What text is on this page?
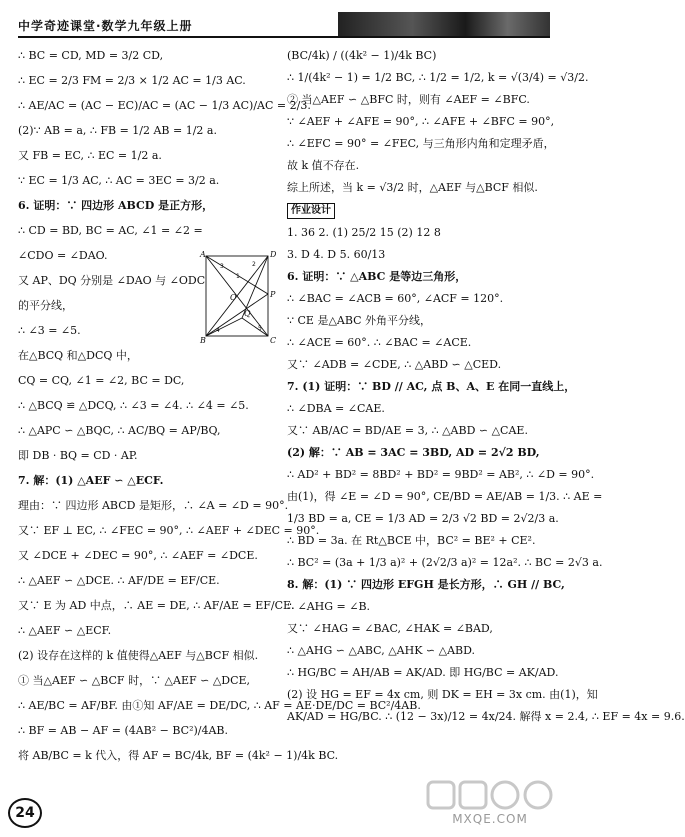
中学奇迹课堂·数学九年级上册
∴ BC = CD, MD = 3/2 CD,
∴ EC = 2/3 FM = 2/3 × 1/2 AC = 1/3 AC.
∴ AE/AC = (AC − EC)/AC = (AC − 1/3 AC)/AC = 2/3.
(2)∵ AB = a, ∴ FB = 1/2 AB = 1/2 a.
又 FB = EC, ∴ EC = 1/2 a.
∵ EC = 1/3 AC, ∴ AC = 3EC = 3/2 a.
6. 证明：∵ 四边形 ABCD 是正方形，
∴ CD = BD, BC = AC, ∠1 = ∠2 =
∠CDO = ∠DAO.
又 AP、DQ 分别是 ∠DAO 与 ∠ODC
的平分线，
∴ ∠3 = ∠5.
在△BCQ 和△DCQ 中，
CQ = CQ, ∠1 = ∠2, BC = DC,
∴ △BCQ ≌ △DCQ, ∴ ∠3 = ∠4. ∴ ∠4 = ∠5.
∴ △APC ∽ △BQC, ∴ AC/BQ = AP/BQ,
即 DB · BQ = CD · AP.
7. 解：(1) △AEF ∽ △ECF.
理由：∵ 四边形 ABCD 是矩形，∴ ∠A = ∠D = 90°.
又∵ EF ⊥ EC, ∴ ∠FEC = 90°, ∴ ∠AEF + ∠DEC = 90°.
又 ∠DCE + ∠DEC = 90°, ∴ ∠AEF = ∠DCE.
∴ △AEF ∽ △DCE. ∴ AF/DE = EF/CE.
又∵ E 为 AD 中点，∴ AE = DE, ∴ AF/AE = EF/CE.
∴ △AEF ∽ △ECF.
(2) 设存在这样的 k 值使得△AEF 与△BCF 相似.
① 当△AEF ∽ △BCF 时，∵ △AEF ∽ △DCE,
∴ AE/BC = AF/BF. 由①知 AF/AE = DE/DC, ∴ AF = AE·DE/DC = BC²/4AB.
∴ BF = AB − AF = (4AB² − BC²)/4AB.
将 AB/BC = k 代入，得 AF = BC/4k, BF = (4k² − 1)/4k BC.
A	D
B	C
P
O
Q
1
2
3
4	5
(BC/4k) / ((4k² − 1)/4k BC)
∴ 1/(4k² − 1) = 1/2 BC, ∴ 1/2 = 1/2, k = √(3/4) = √3/2.
② 当△AEF ∽ △BFC 时，则有 ∠AEF = ∠BFC.
∵ ∠AEF + ∠AFE = 90°, ∴ ∠AFE + ∠BFC = 90°,
∴ ∠EFC = 90° = ∠FEC, 与三角形内角和定理矛盾，
故 k 值不存在.
综上所述，当 k = √3/2 时，△AEF 与△BCF 相似.
作业设计
1. 36 2. (1) 25/2 15 (2) 12 8
3. D 4. D 5. 60/13
6. 证明：∵ △ABC 是等边三角形，
∴ ∠BAC = ∠ACB = 60°, ∠ACF = 120°.
∵ CE 是△ABC 外角平分线，
∴ ∠ACE = 60°. ∴ ∠BAC = ∠ACE.
又∵ ∠ADB = ∠CDE, ∴ △ABD ∽ △CED.
7. (1) 证明：∵ BD // AC, 点 B、A、E 在同一直线上，
∴ ∠DBA = ∠CAE.
又∵ AB/AC = BD/AE = 3, ∴ △ABD ∽ △CAE.
(2) 解：∵ AB = 3AC = 3BD, AD = 2√2 BD,
∴ AD² + BD² = 8BD² + BD² = 9BD² = AB², ∴ ∠D = 90°.
由(1)，得 ∠E = ∠D = 90°, CE/BD = AE/AB = 1/3. ∴ AE =
1/3 BD = a, CE = 1/3 AD = 2/3 √2 BD = 2√2/3 a.
∴ BD = 3a. 在 Rt△BCE 中，BC² = BE² + CE².
∴ BC² = (3a + 1/3 a)² + (2√2/3 a)² = 12a². ∴ BC = 2√3 a.
8. 解：(1) ∵ 四边形 EFGH 是长方形，∴ GH // BC,
∴ ∠AHG = ∠B.
又∵ ∠HAG = ∠BAC, ∠HAK = ∠BAD,
∴ △AHG ∽ △ABC, △AHK ∽ △ABD.
∴ HG/BC = AH/AB = AK/AD. 即 HG/BC = AK/AD.
(2) 设 HG = EF = 4x cm, 则 DK = EH = 3x cm. 由(1)，知
AK/AD = HG/BC. ∴ (12 − 3x)/12 = 4x/24. 解得 x = 2.4, ∴ EF = 4x = 9.6.
24	MXQE.COM
